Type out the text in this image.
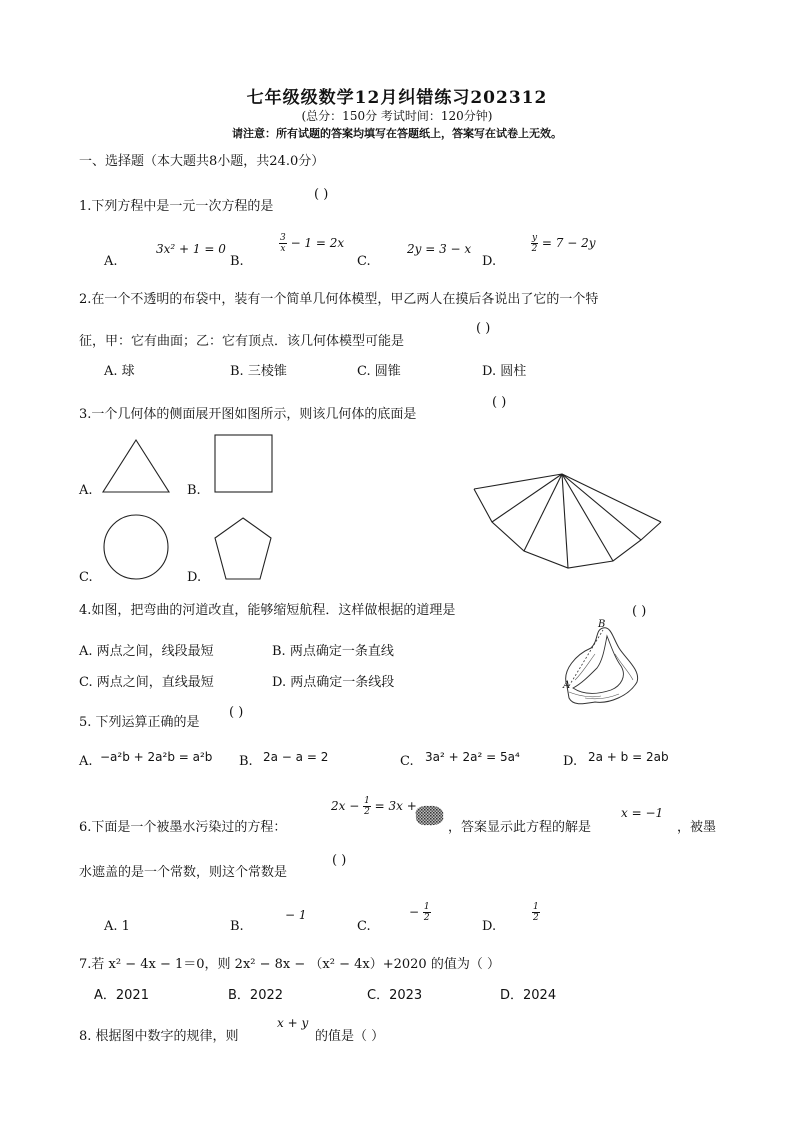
七年级级数学12月纠错练习202312
(总分：150分 考试时间：120分钟)
请注意：所有试题的答案均填写在答题纸上，答案写在试卷上无效。
一、选择题（本大题共8小题，共24.0分）
1.下列方程中是一元一次方程的是
( )
A.
3x² + 1 = 0
B.
$\frac{3}{x} - 1 = 2x$
C.
2y = 3 − x
D.
$\frac{y}{2} = 7 - 2y$
2.在一个不透明的布袋中，装有一个简单几何体模型，甲乙两人在摸后各说出了它的一个特
征，甲：它有曲面；乙：它有顶点．该几何体模型可能是
( )
A. 球	B. 三棱锥	C. 圆锥	D. 圆柱
3.一个几何体的侧面展开图如图所示，则该几何体的底面是
( )
A.	B.
C.	D.
4.如图，把弯曲的河道改直，能够缩短航程．这样做根据的道理是	( )
A. 两点之间，线段最短	B. 两点确定一条直线
C. 两点之间，直线最短	D. 两点确定一条线段	A
B
5. 下列运算正确的是
( )
A. −a²b + 2a²b = a²b B. 2a − a = 2	C. 3a² + 2a² = 5a⁴	D. 2a + b = 2ab
6.下面是一个被墨水污染过的方程：
$2x - \frac{1}{2} = 3x$ +
，答案显示此方程的解是
x = −1
，被墨
水遮盖的是一个常数，则这个常数是
( )
A. 1	B.
− 1
C.
− $\frac{1}{2}$
D.
$\frac{1}{2}$
7.若 x² − 4x − 1＝0，则 2x² − 8x − （x² − 4x）+2020 的值为（ ）
A．2021	B．2022	C．2023	D．2024
8. 根据图中数字的规律，则
x + y
的值是（ ）
